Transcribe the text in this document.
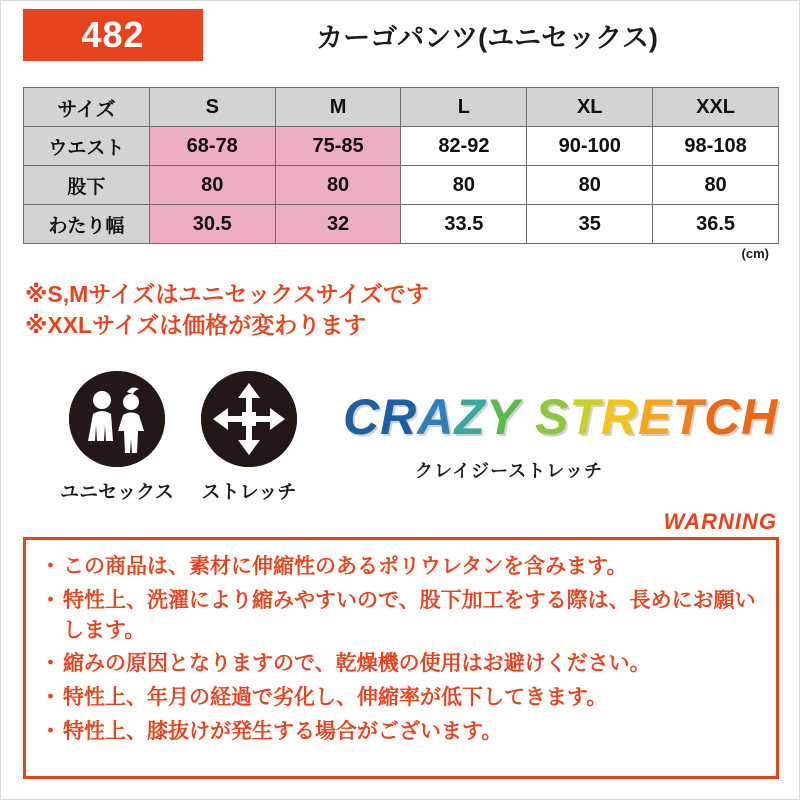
482	カーゴパンツ(ユニセックス)
サイズ	S	M	L	XL	XXL
ウエスト	68-78	75-85	82-92	90-100	98-108
股下	80	80	80	80	80
わたり幅	30.5	32	33.5	35	36.5
(cm)
※S,Mサイズはユニセックスサイズです
※XXLサイズは価格が変わります
ユニセックス	ストレッチ
CRAZY STRETCH
クレイジーストレッチ
WARNING
・ この商品は、素材に伸縮性のあるポリウレタンを含みます。
・ 特性上、洗濯により縮みやすいので、股下加工をする際は、長めにお願いします。
・ 縮みの原因となりますので、乾燥機の使用はお避けください。
・ 特性上、年月の経過で劣化し、伸縮率が低下してきます。
・ 特性上、膝抜けが発生する場合がございます。
